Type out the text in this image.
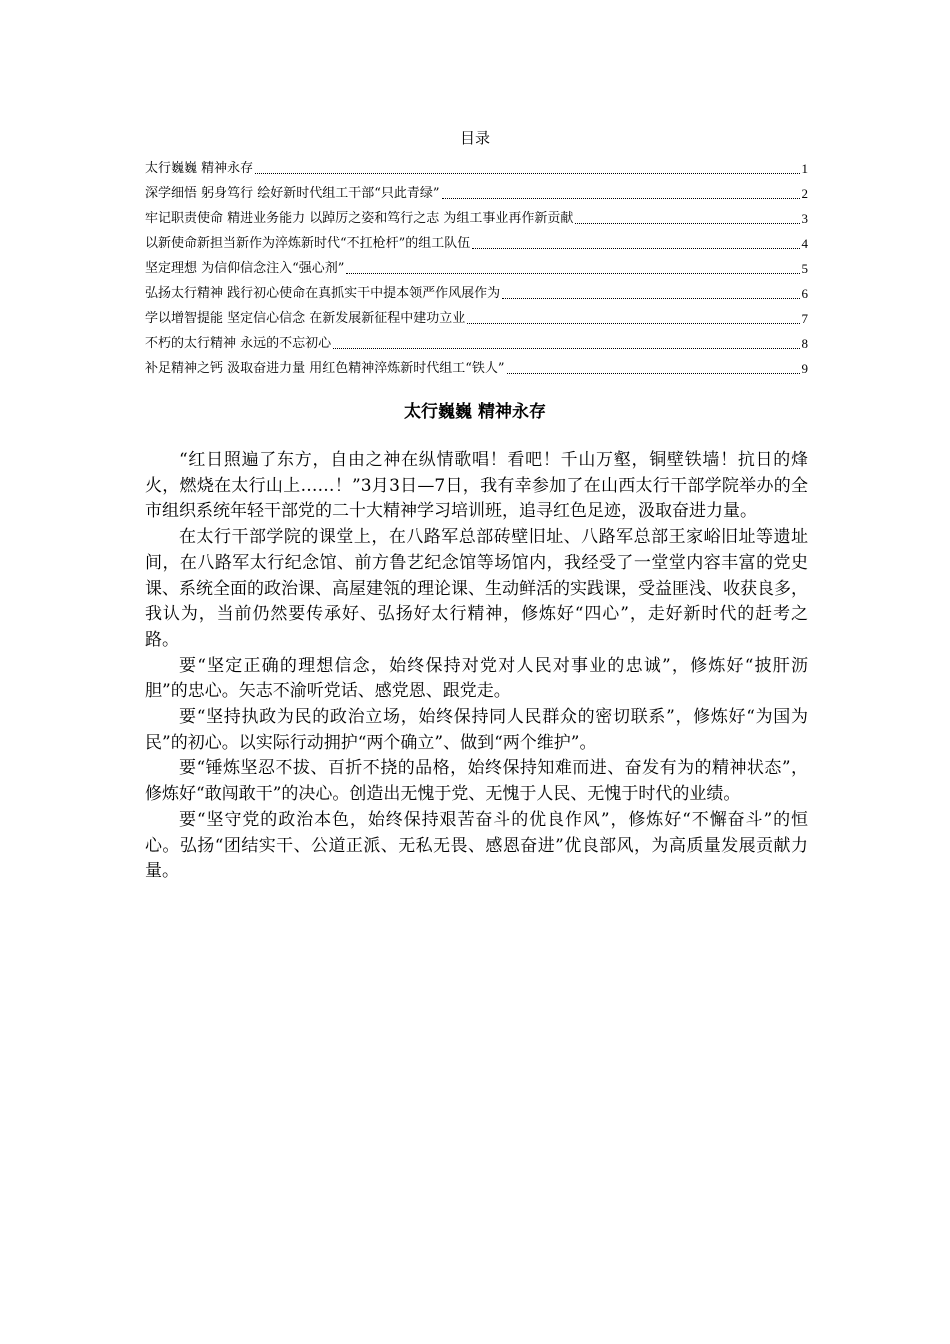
目录
太行巍巍 精神永存	1
深学细悟 躬身笃行 绘好新时代组工干部“只此青绿”	2
牢记职责使命 精进业务能力 以踔厉之姿和笃行之志 为组工事业再作新贡献	3
以新使命新担当新作为淬炼新时代“不扛枪杆”的组工队伍	4
坚定理想 为信仰信念注入“强心剂”	5
弘扬太行精神 践行初心使命在真抓实干中提本领严作风展作为	6
学以增智提能 坚定信心信念 在新发展新征程中建功立业	7
不朽的太行精神 永远的不忘初心	8
补足精神之钙 汲取奋进力量 用红色精神淬炼新时代组工“铁人”	9
太行巍巍 精神永存

“红日照遍了东方，自由之神在纵情歌唱！看吧！千山万壑，铜壁铁墙！抗日的烽火，燃烧在太行山上……！”3月3日—7日，我有幸参加了在山西太行干部学院举办的全市组织系统年轻干部党的二十大精神学习培训班，追寻红色足迹，汲取奋进力量。

在太行干部学院的课堂上，在八路军总部砖壁旧址、八路军总部王家峪旧址等遗址间，在八路军太行纪念馆、前方鲁艺纪念馆等场馆内，我经受了一堂堂内容丰富的党史课、系统全面的政治课、高屋建瓴的理论课、生动鲜活的实践课，受益匪浅、收获良多，我认为，当前仍然要传承好、弘扬好太行精神，修炼好“四心”，走好新时代的赶考之路。

要“坚定正确的理想信念，始终保持对党对人民对事业的忠诚”，修炼好“披肝沥胆”的忠心。矢志不渝听党话、感党恩、跟党走。

要“坚持执政为民的政治立场，始终保持同人民群众的密切联系”，修炼好“为国为民”的初心。以实际行动拥护“两个确立”、做到“两个维护”。

要“锤炼坚忍不拔、百折不挠的品格，始终保持知难而进、奋发有为的精神状态”，修炼好“敢闯敢干”的决心。创造出无愧于党、无愧于人民、无愧于时代的业绩。

要“坚守党的政治本色，始终保持艰苦奋斗的优良作风”，修炼好“不懈奋斗”的恒心。弘扬“团结实干、公道正派、无私无畏、感恩奋进”优良部风，为高质量发展贡献力量。
